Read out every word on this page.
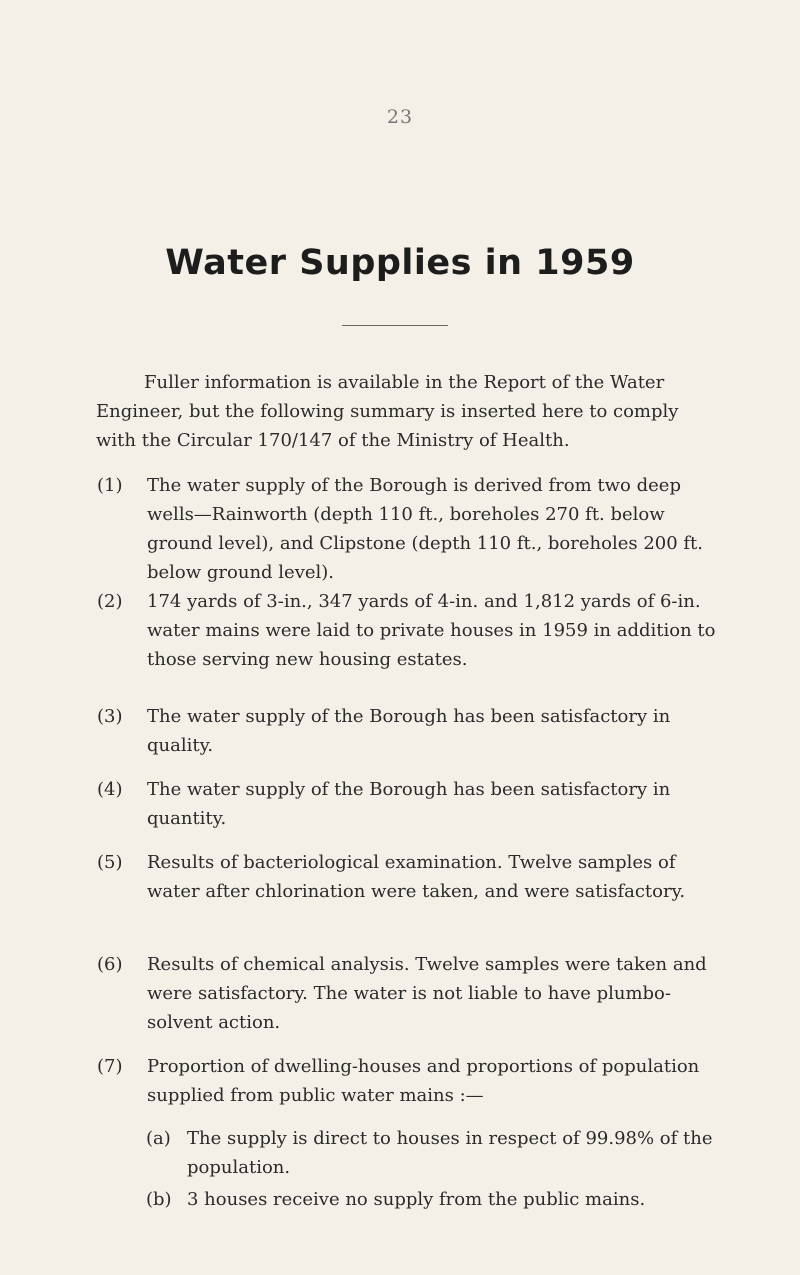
23
Water Supplies in 1959

Fuller information is available in the Report of the Water Engineer, but the following summary is inserted here to comply with the Circular 170/147 of the Ministry of Health.

(1) The water supply of the Borough is derived from two deep wells—Rainworth (depth 110 ft., boreholes 270 ft. below ground level), and Clipstone (depth 110 ft., boreholes 200 ft. below ground level).
(2) 174 yards of 3-in., 347 yards of 4-in. and 1,812 yards of 6-in. water mains were laid to private houses in 1959 in addition to those serving new housing estates.
(3) The water supply of the Borough has been satisfactory in quality.
(4) The water supply of the Borough has been satisfactory in quantity.
(5) Results of bacteriological examination. Twelve samples of water after chlorination were taken, and were satisfactory.
(6) Results of chemical analysis. Twelve samples were taken and were satisfactory. The water is not liable to have plumbo-solvent action.
(7) Proportion of dwelling-houses and proportions of population supplied from public water mains :—
(a) The supply is direct to houses in respect of 99.98% of the population.
(b) 3 houses receive no supply from the public mains.
